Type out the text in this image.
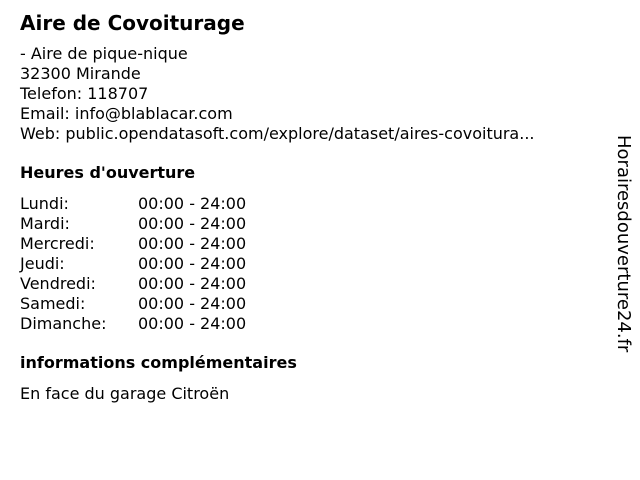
Aire de Covoiturage
- Aire de pique-nique
32300 Mirande
Telefon: 118707
Email: info@blablacar.com
Web: public.opendatasoft.com/explore/dataset/aires-covoitura...
Heures d'ouverture
Lundi:	00:00 - 24:00
Mardi:	00:00 - 24:00
Mercredi:	00:00 - 24:00
Jeudi:	00:00 - 24:00
Vendredi:	00:00 - 24:00
Samedi:	00:00 - 24:00
Dimanche:	00:00 - 24:00
informations complémentaires
En face du garage Citroën
Horairesdouverture24.fr
